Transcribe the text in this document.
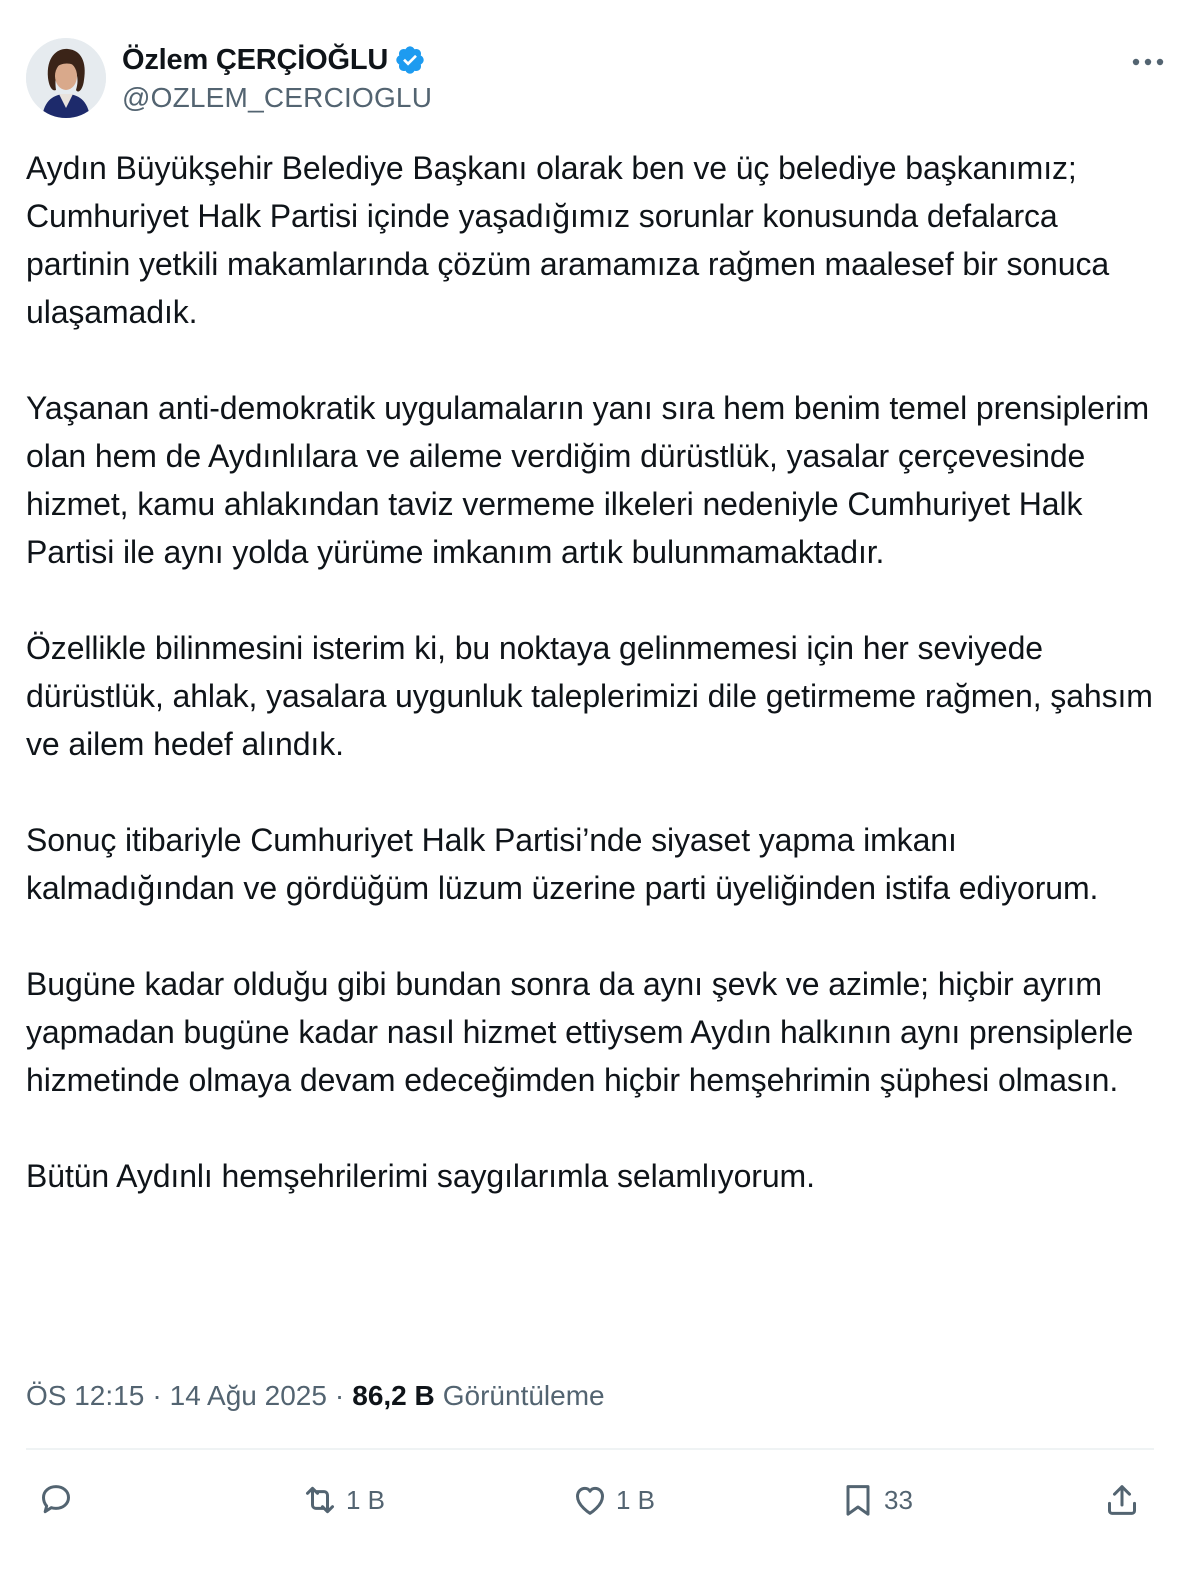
Özlem ÇERÇİOĞLU
@OZLEM_CERCIOGLU

Aydın Büyükşehir Belediye Başkanı olarak ben ve üç belediye başkanımız; Cumhuriyet Halk Partisi içinde yaşadığımız sorunlar konusunda defalarca partinin yetkili makamlarında çözüm aramamıza rağmen maalesef bir sonuca ulaşamadık.

Yaşanan anti-demokratik uygulamaların yanı sıra hem benim temel prensiplerim olan hem de Aydınlılara ve aileme verdiğim dürüstlük, yasalar çerçevesinde hizmet, kamu ahlakından taviz vermeme ilkeleri nedeniyle Cumhuriyet Halk Partisi ile aynı yolda yürüme imkanım artık bulunmamaktadır.

Özellikle bilinmesini isterim ki, bu noktaya gelinmemesi için her seviyede dürüstlük, ahlak, yasalara uygunluk taleplerimizi dile getirmeme rağmen, şahsım ve ailem hedef alındık.

Sonuç itibariyle Cumhuriyet Halk Partisi’nde siyaset yapma imkanı kalmadığından ve gördüğüm lüzum üzerine parti üyeliğinden istifa ediyorum.

Bugüne kadar olduğu gibi bundan sonra da aynı şevk ve azimle; hiçbir ayrım yapmadan bugüne kadar nasıl hizmet ettiysem Aydın halkının aynı prensiplerle hizmetinde olmaya devam edeceğimden hiçbir hemşehrimin şüphesi olmasın.

Bütün Aydınlı hemşehrilerimi saygılarımla selamlıyorum.

ÖS 12:15 · 14 Ağu 2025 · 86,2 B Görüntüleme
1 B	1 B	33
